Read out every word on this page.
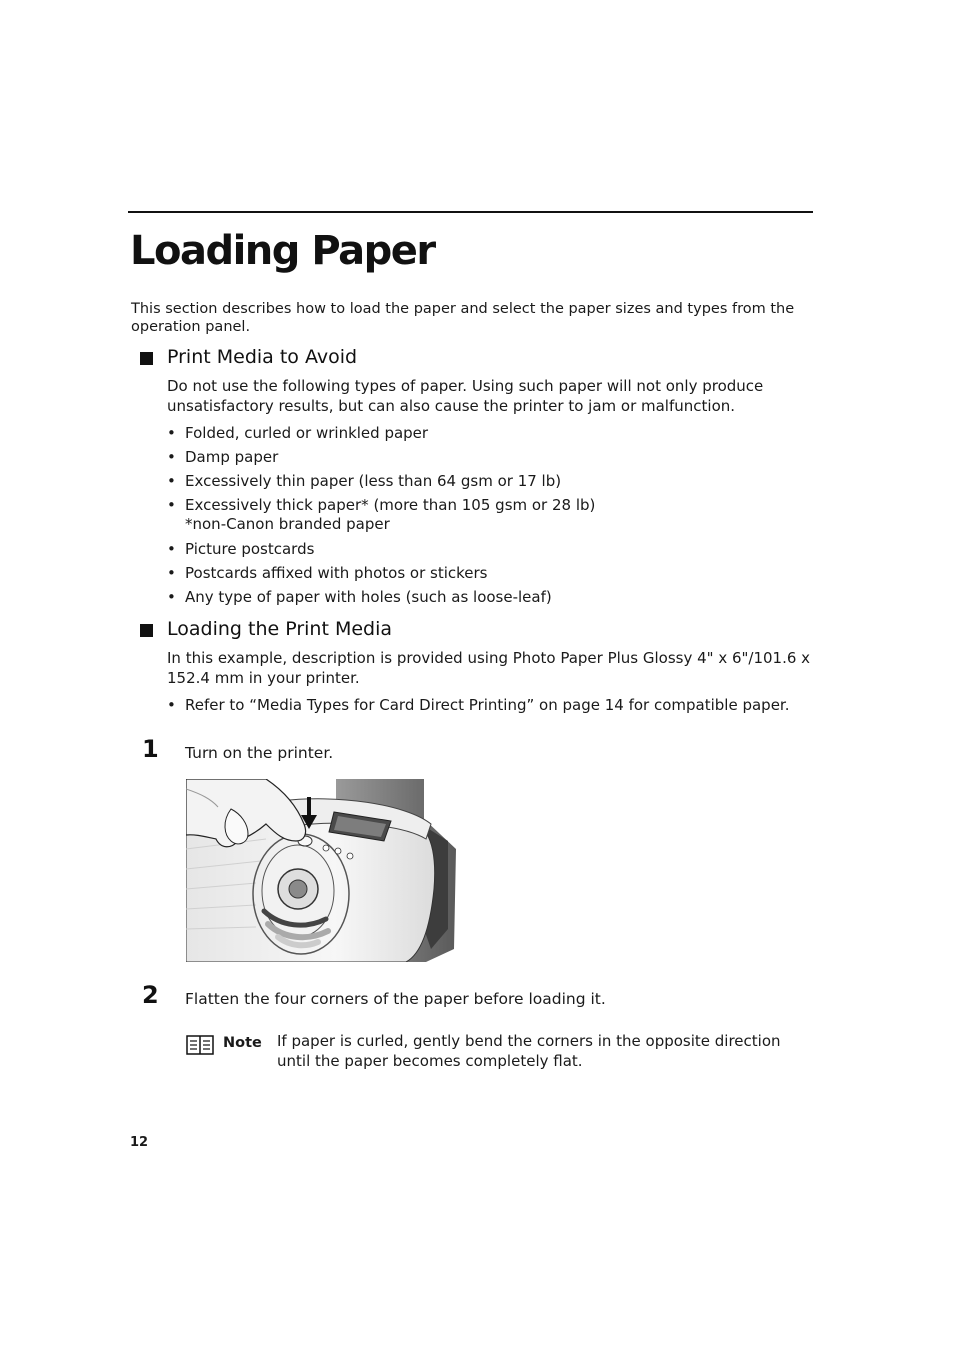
Loading Paper
This section describes how to load the paper and select the paper sizes and types from the operation panel.
Print Media to Avoid
Do not use the following types of paper. Using such paper will not only produce unsatisfactory results, but can also cause the printer to jam or malfunction.
• Folded, curled or wrinkled paper
• Damp paper
• Excessively thin paper (less than 64 gsm or 17 lb)
• Excessively thick paper* (more than 105 gsm or 28 lb)
*non-Canon branded paper
• Picture postcards
• Postcards affixed with photos or stickers
• Any type of paper with holes (such as loose-leaf)
Loading the Print Media
In this example, description is provided using Photo Paper Plus Glossy 4" x 6"/101.6 x 152.4 mm in your printer.
• Refer to “Media Types for Card Direct Printing” on page 14 for compatible paper.
1 Turn on the printer.
2 Flatten the four corners of the paper before loading it.
Note If paper is curled, gently bend the corners in the opposite direction until the paper becomes completely flat.
12
